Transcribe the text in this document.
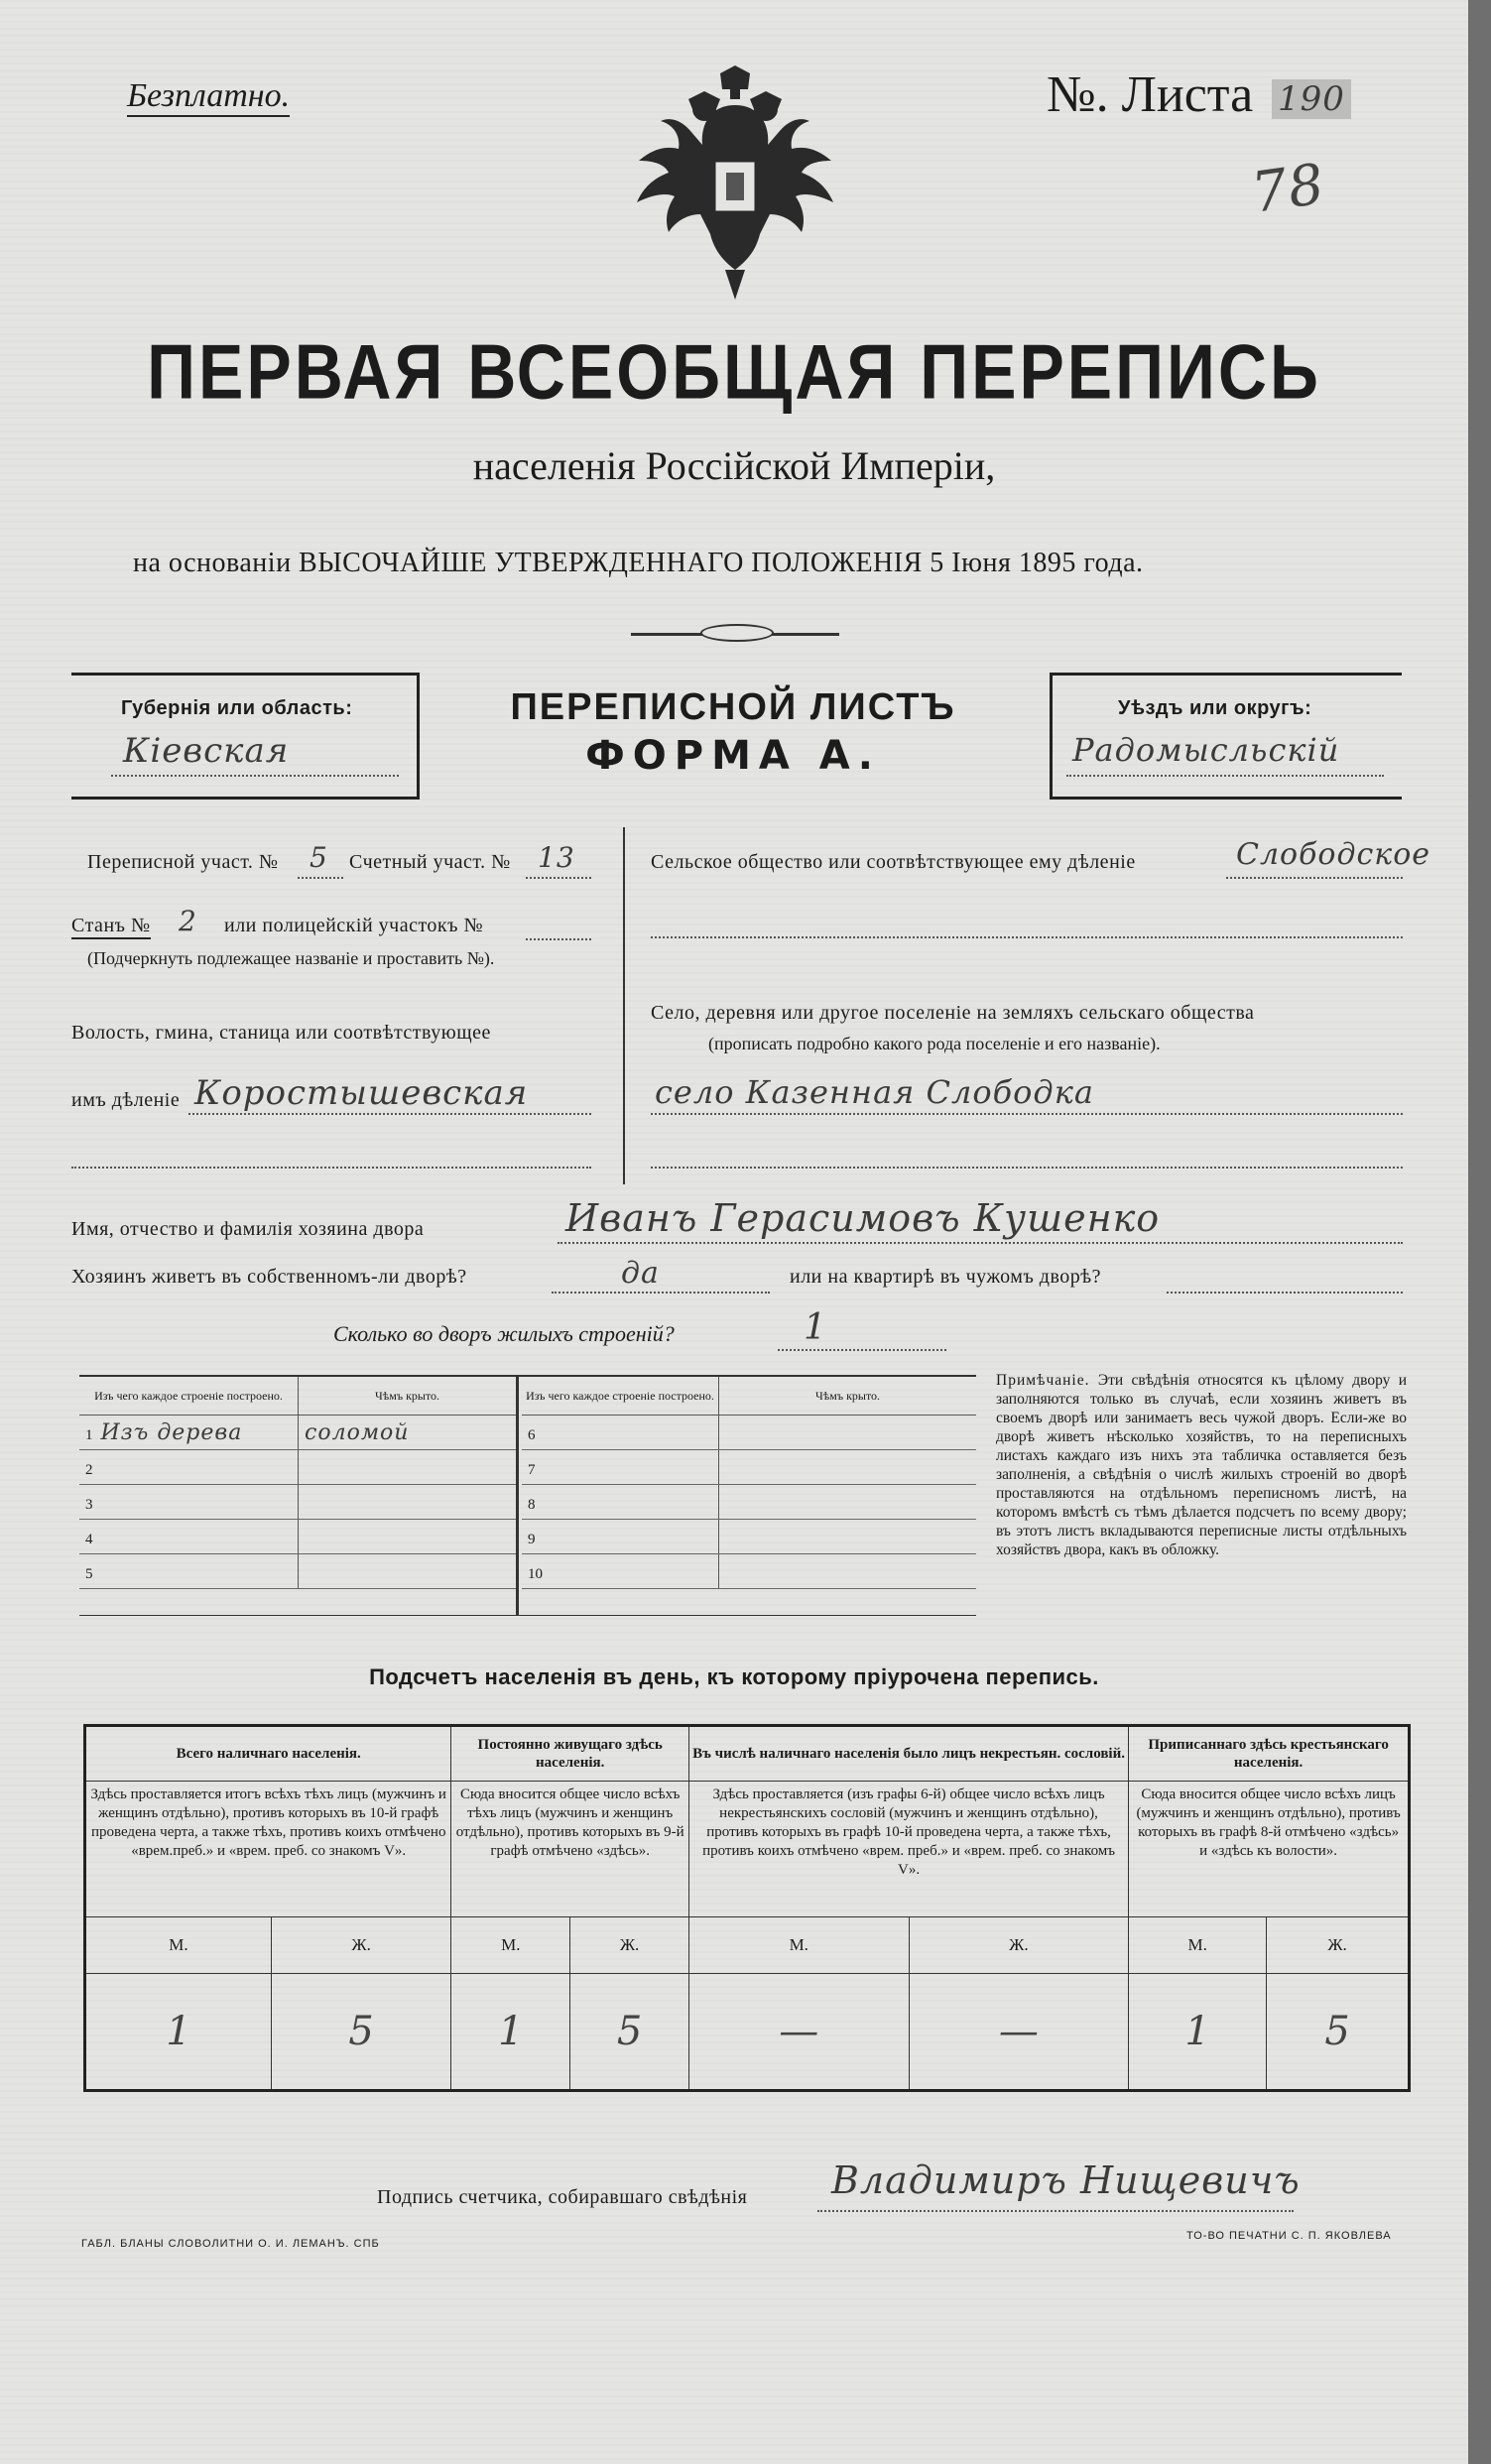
Безплатно.	№. Листа 190
78
ПЕРВАЯ ВСЕОБЩАЯ ПЕРЕПИСЬ
населенія Россійской Имперіи,
на основаніи ВЫСОЧАЙШЕ УТВЕРЖДЕННАГО ПОЛОЖЕНІЯ 5 Іюня 1895 года.
Губернія или область:
Кіевская
ПЕРЕПИСНОЙ ЛИСТЪ
ФОРМА А.
Уѣздъ или округъ:
Радомысльскій
Переписной участ. № 5 Счетный участ. № 13
Станъ № 2 или полицейскій участокъ №
(Подчеркнуть подлежащее названіе и проставить №).
Волость, гмина, станица или соотвѣтствующее
имъ дѣленіе Коростышевская
Сельское общество или соотвѣтствующее ему дѣленіе	Слободское
Село, деревня или другое поселеніе на земляхъ сельскаго общества
(прописать подробно какого рода поселеніе и его названіе).
село Казенная Слободка
Имя, отчество и фамилія хозяина двора	Иванъ Герасимовъ Кушенко
Хозяинъ живетъ въ собственномъ-ли дворѣ?	да	или на квартирѣ въ чужомъ дворѣ?
Сколько во дворъ жилыхъ строеній?	1
Изъ чего каждое строеніе построено.	Чѣмъ крыто.
1 Изъ дерева	соломой
2	
3	
4	
5	
Изъ чего каждое строеніе построено.	Чѣмъ крыто.
6	
7	
8	
9	
10	
Примѣчаніе. Эти свѣдѣнія относятся къ цѣлому двору и заполняются только въ случаѣ, если хозяинъ живетъ въ своемъ дворѣ или занимаетъ весь чужой дворъ. Если-же во дворѣ живетъ нѣсколько хозяйствъ, то на переписныхъ листахъ каждаго изъ нихъ эта табличка оставляется безъ заполненія, а свѣдѣнія о числѣ жилыхъ строеній во дворѣ проставляются на отдѣльномъ переписномъ листѣ, на которомъ вмѣстѣ съ тѣмъ дѣлается подсчетъ по всему двору; въ этотъ листъ вкладываются переписные листы отдѣльныхъ хозяйствъ двора, какъ въ обложку.
Подсчетъ населенія въ день, къ которому пріурочена перепись.
Всего наличнаго населенія.		Постоянно живущаго здѣсь населенія.		Въ числѣ наличнаго населенія было лицъ некрестьян. сословій.		Приписаннаго здѣсь крестьянскаго населенія.	
Здѣсь проставляется итогъ всѣхъ тѣхъ лицъ (мужчинъ и женщинъ отдѣльно), противъ которыхъ въ 10-й графѣ проведена черта, а также тѣхъ, противъ коихъ отмѣчено «врем.преб.» и «врем. преб. со знакомъ V».		Сюда вносится общее число всѣхъ тѣхъ лицъ (мужчинъ и женщинъ отдѣльно), противъ которыхъ въ 9-й графѣ отмѣчено «здѣсь».		Здѣсь проставляется (изъ графы 6-й) общее число всѣхъ лицъ некрестьянскихъ сословій (мужчинъ и женщинъ отдѣльно), противъ которыхъ въ графѣ 10-й проведена черта, а также тѣхъ, противъ коихъ отмѣчено «врем. преб.» и «врем. преб. со знакомъ V».		Сюда вносится общее число всѣхъ лицъ (мужчинъ и женщинъ отдѣльно), противъ которыхъ въ графѣ 8-й отмѣчено «здѣсь» и «здѣсь къ волости».	
М.	Ж.	М.	Ж.	М.	Ж.	М.	Ж.
1	5	1	5	—	—	1	5
Подпись счетчика, собиравшаго свѣдѣнія Владимиръ Нищевичъ
ГАБЛ. БЛАНЫ СЛОВОЛИТНИ О. И. ЛЕМАНЪ. СПБ
ТО-ВО ПЕЧАТНИ С. П. ЯКОВЛЕВА
